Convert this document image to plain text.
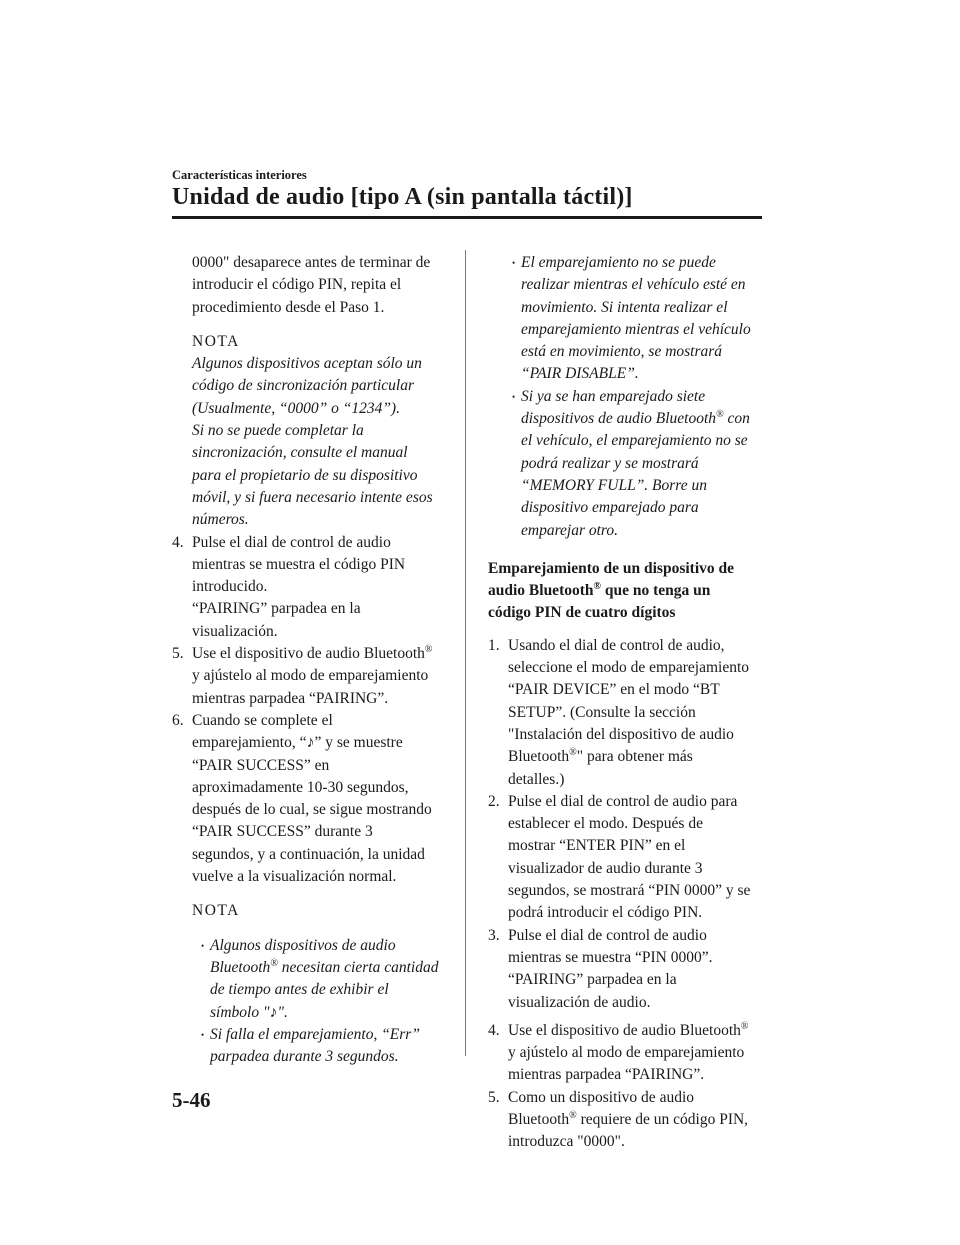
Características interiores
Unidad de audio [tipo A (sin pantalla táctil)]
0000" desaparece antes de terminar de
introducir el código PIN, repita el
procedimiento desde el Paso 1.
NOTA
Algunos dispositivos aceptan sólo un
código de sincronización particular
(Usualmente, “0000” o “1234”).
Si no se puede completar la
sincronización, consulte el manual
para el propietario de su dispositivo
móvil, y si fuera necesario intente esos
números.
4. Pulse el dial de control de audio
mientras se muestra el código PIN
introducido.
“PAIRING” parpadea en la
visualización.
5. Use el dispositivo de audio Bluetooth®
y ajústelo al modo de emparejamiento
mientras parpadea “PAIRING”.
6. Cuando se complete el
emparejamiento, “♪” y se muestre
“PAIR SUCCESS” en
aproximadamente 10-30 segundos,
después de lo cual, se sigue mostrando
“PAIR SUCCESS” durante 3
segundos, y a continuación, la unidad
vuelve a la visualización normal.
NOTA
• Algunos dispositivos de audio
Bluetooth® necesitan cierta cantidad
de tiempo antes de exhibir el
símbolo "♪".
• Si falla el emparejamiento, “Err”
parpadea durante 3 segundos.
• El emparejamiento no se puede
realizar mientras el vehículo esté en
movimiento. Si intenta realizar el
emparejamiento mientras el vehículo
está en movimiento, se mostrará
“PAIR DISABLE”.
• Si ya se han emparejado siete
dispositivos de audio Bluetooth® con
el vehículo, el emparejamiento no se
podrá realizar y se mostrará
“MEMORY FULL”. Borre un
dispositivo emparejado para
emparejar otro.
Emparejamiento de un dispositivo de
audio Bluetooth® que no tenga un
código PIN de cuatro dígitos
1. Usando el dial de control de audio,
seleccione el modo de emparejamiento
“PAIR DEVICE” en el modo “BT
SETUP”. (Consulte la sección
"Instalación del dispositivo de audio
Bluetooth®" para obtener más
detalles.)
2. Pulse el dial de control de audio para
establecer el modo. Después de
mostrar “ENTER PIN” en el
visualizador de audio durante 3
segundos, se mostrará “PIN 0000” y se
podrá introducir el código PIN.
3. Pulse el dial de control de audio
mientras se muestra “PIN 0000”.
“PAIRING” parpadea en la
visualización de audio.
4. Use el dispositivo de audio Bluetooth®
y ajústelo al modo de emparejamiento
mientras parpadea “PAIRING”.
5. Como un dispositivo de audio
Bluetooth® requiere de un código PIN,
introduzca "0000".
5-46
